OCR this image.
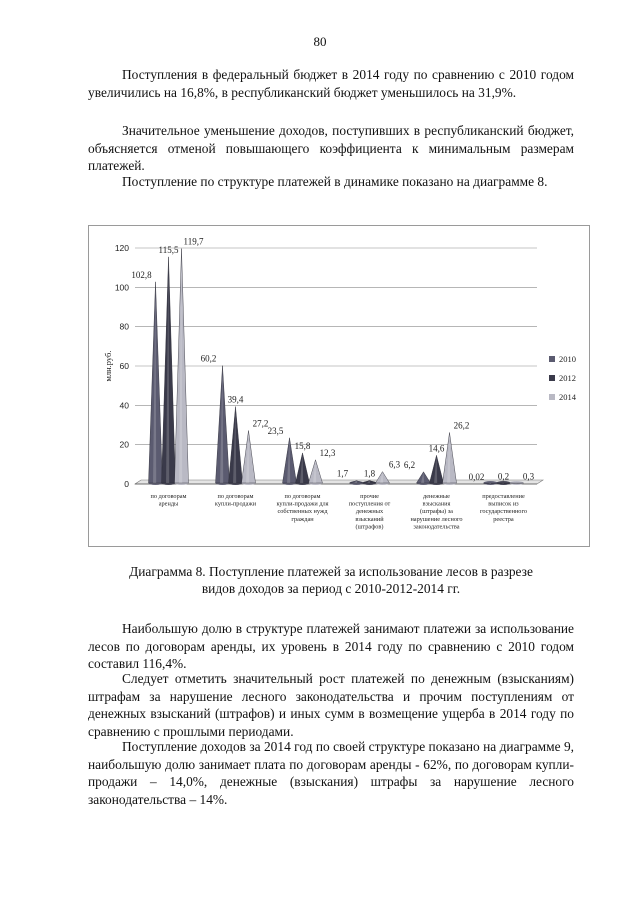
80

Поступления в федеральный бюджет в 2014 году по сравнению с 2010 годом увеличились на 16,8%, в республиканский бюджет уменьшилось на 31,9%.

Значительное уменьшение доходов, поступивших в республиканский бюджет, объясняется отменой повышающего коэффициента к минимальным размерам платежей.

Поступление по структуре платежей в динамике показано на диаграмме 8.

0
20
40
60
80
100
120
млн.руб.
102,8
115,5
119,7
по договорам
аренды
60,2
39,4
27,2
по договорам
купли-продажи
23,5
15,8
12,3
по договорам
купли-продажи для
собственных нужд
граждан
1,7 1,8
6,3
прочие
поступления от
денежных
взысканий
(штрафов)
6,2
14,6
26,2
денежные
взыскания
(штрафы) за
нарушение лесного
законодательства
0,02 0,2 0,3
предоставление
выписок из
государственного
реестра
2010
2012
2014
Диаграмма 8. Поступление платежей за использование лесов в разрезе
видов доходов за период с 2010-2012-2014 гг.

Наибольшую долю в структуре платежей занимают платежи за использование лесов по договорам аренды, их уровень в 2014 году по сравнению с 2010 годом составил 116,4%.

Следует отметить значительный рост платежей по денежным (взысканиям) штрафам за нарушение лесного законодательства и прочим поступлениям от денежных взысканий (штрафов) и иных сумм в возмещение ущерба в 2014 году по сравнению с прошлыми периодами.

Поступление доходов за 2014 год по своей структуре показано на диаграмме 9, наибольшую долю занимает плата по договорам аренды - 62%, по договорам купли-продажи – 14,0%, денежные (взыскания) штрафы за нарушение лесного законодательства – 14%.
